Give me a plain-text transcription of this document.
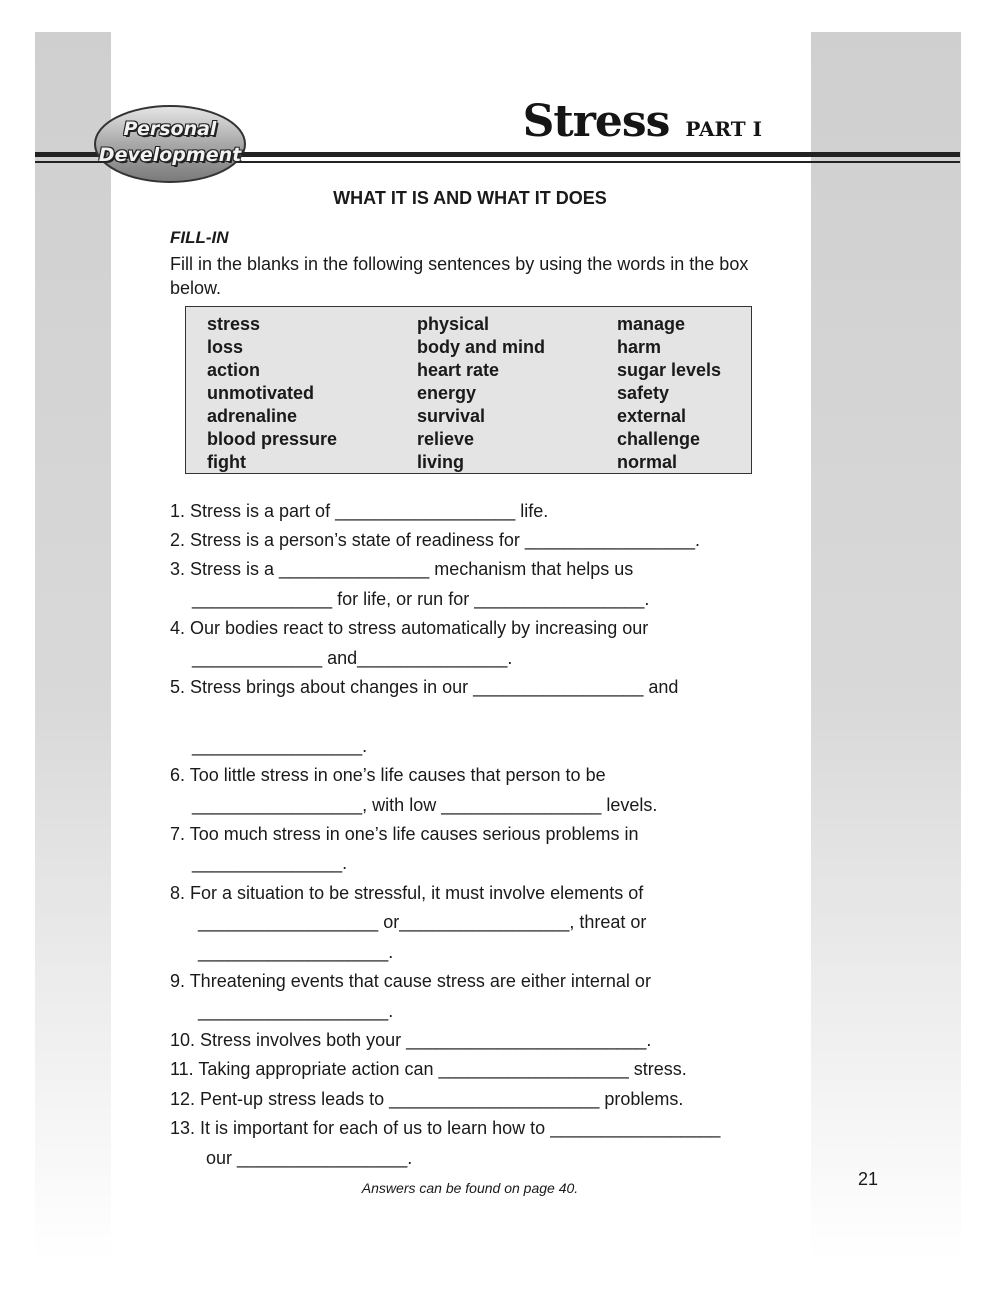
Personal
Development
Stress PART I
WHAT IT IS AND WHAT IT DOES
FILL-IN
Fill in the blanks in the following sentences by using the words in the box below.
stress
loss
action
unmotivated
adrenaline
blood pressure
fight
physical
body and mind
heart rate
energy
survival
relieve
living
manage
harm
sugar levels
safety
external
challenge
normal
1. Stress is a part of __________________ life.
2. Stress is a person’s state of readiness for _________________.
3. Stress is a _______________ mechanism that helps us
______________ for life, or run for _________________.
4. Our bodies react to stress automatically by increasing our
_____________ and_______________.
5. Stress brings about changes in our _________________ and
_________________.
6. Too little stress in one’s life causes that person to be
_________________, with low ________________ levels.
7. Too much stress in one’s life causes serious problems in
_______________.
8. For a situation to be stressful, it must involve elements of
__________________ or_________________, threat or
___________________.
9. Threatening events that cause stress are either internal or
___________________.
10. Stress involves both your ________________________.
11. Taking appropriate action can ___________________ stress.
12. Pent-up stress leads to _____________________ problems.
13. It is important for each of us to learn how to _________________
our _________________.
21
Answers can be found on page 40.
